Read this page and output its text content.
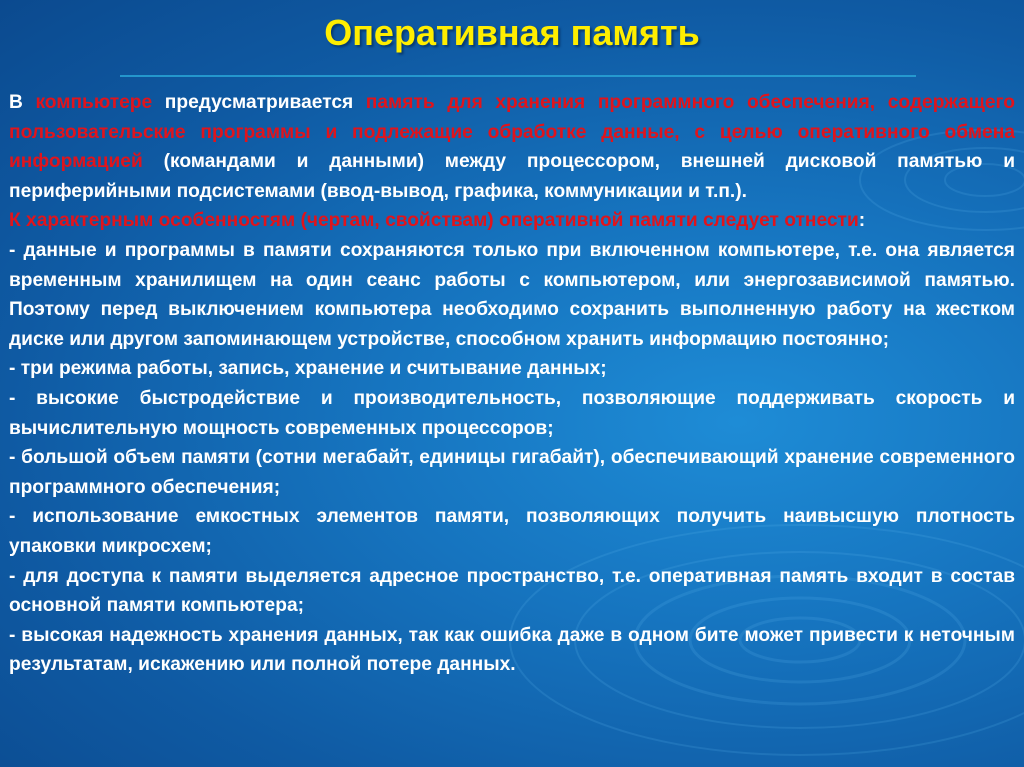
Оперативная память

В компьютере предусматривается память для хранения программного обеспечения, содержащего пользовательские программы и подлежащие обработке данные, с целью оперативного обмена информацией (командами и данными) между процессором, внешней дисковой памятью и периферийными подсистемами (ввод-вывод, графика, коммуникации и т.п.).

К характерным особенностям (чертам, свойствам) оперативной памяти следует отнести:

- данные и программы в памяти сохраняются только при включенном компьютере, т.е. она является временным хранилищем на один сеанс работы с компьютером, или энергозависимой памятью. Поэтому перед выключением компьютера необходимо сохранить выполненную работу на жестком диске или другом запоминающем устройстве, способном хранить информацию постоянно;

- три режима работы, запись, хранение и считывание данных;

- высокие быстродействие и производительность, позволяющие поддерживать скорость и вычислительную мощность современных процессоров;

- большой объем памяти (сотни мегабайт, единицы гигабайт), обеспечивающий хранение современного программного обеспечения;

- использование емкостных элементов памяти, позволяющих получить наивысшую плотность упаковки микросхем;

- для доступа к памяти выделяется адресное пространство, т.е. оперативная память входит в состав основной памяти компьютера;

- высокая надежность хранения данных, так как ошибка даже в одном бите может привести к неточным результатам, искажению или полной потере данных.
